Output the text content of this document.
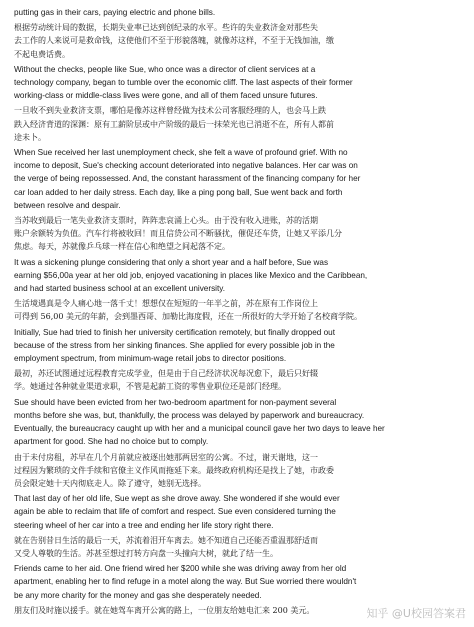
putting gas in their cars, paying electric and phone bills.
根据劳动统计局的数据，长期失业率已达到创纪录的水平。些许的失业救济金对那些失
去工作的人来说可是救命钱，这使他们不至于形貌落魄，就像苏这样，不至于无钱加油，缴
不起电费话费。
Without the checks, people like Sue, who once was a director of client services at a
technology company, began to tumble over the economic cliff. The last aspects of their former
working-class or middle-class lives were gone, and all of them faced unsure futures.
一旦收不到失业救济支票，哪怕是像苏这样曾经做为技术公司客服经理的人，也会马上跌
跌入经济背道的深渊：原有工薪阶层或中产阶级的最后一抹荣光也已消逝不在，所有人都前
途未卜。
When Sue received her last unemployment check, she felt a wave of profound grief. With no
income to deposit, Sue's checking account deteriorated into negative balances. Her car was on
the verge of being repossessed. And, the constant harassment of the financing company for her
car loan added to her daily stress. Each day, like a ping pong ball, Sue went back and forth
between resolve and despair.
当苏收到最后一笔失业救济支票时，阵阵悲哀涌上心头。由于没有收入进账，苏的活期
账户余额转为负值。汽车行将被收回！而且信贷公司不断骚扰，催促还车贷，让她又平添几分
焦虑。每天，苏就像乒乓球一样在信心和绝望之间起落不定。
It was a sickening plunge considering that only a short year and a half before, Sue was
earning $56,00a year at her old job, enjoyed vacationing in places like Mexico and the Caribbean,
and had started business school at an excellent university.
生活境遇真是令人痛心地一落千丈！想想仅在短短的一年半之前，苏在原有工作岗位上
可得到 56,00 美元的年薪，会到墨西哥、加勒比海度假，还在一所很好的大学开始了名校商学院。
Initially, Sue had tried to finish her university certification remotely, but finally dropped out
because of the stress from her sinking finances. She applied for every possible job in the
employment spectrum, from minimum-wage retail jobs to director positions.
最初，苏还试图通过远程教育完成学业，但是由于自己经济状况每况愈下，最后只好辍
学。她通过各种就业渠道求职，不管是起薪工资的零售业职位还是部门经理。
Sue should have been evicted from her two-bedroom apartment for non-payment several
months before she was, but, thankfully, the process was delayed by paperwork and bureaucracy.
Eventually, the bureaucracy caught up with her and a municipal council gave her two days to leave her
apartment for good. She had no choice but to comply.
由于未付房租，苏早在几个月前就应被逐出她那两居室的公寓。不过，谢天谢地，这一
过程因为繁琐的文件手续和官僚主义作风而拖延下来。最终政府机构还是找上了她，市政委
员会限定她十天内彻底走人。除了遵守，她别无选择。
That last day of her old life, Sue wept as she drove away. She wondered if she would ever
again be able to reclaim that life of comfort and respect. Sue even considered turning the
steering wheel of her car into a tree and ending her life story right there.
就在告别昔日生活的最后一天，苏流着泪开车离去。她不知道自己还能否重温那舒适而
又受人尊敬的生活。苏甚至想过打转方向盘一头撞向大树，就此了结一生。
Friends came to her aid. One friend wired her $200 while she was driving away from her old
apartment, enabling her to find refuge in a motel along the way. But Sue worried there wouldn't
be any more charity for the money and gas she desperately needed.
朋友们及时施以援手。就在她驾车离开公寓的路上，一位朋友给她电汇来 200 美元。	知乎 @U校园答案君
